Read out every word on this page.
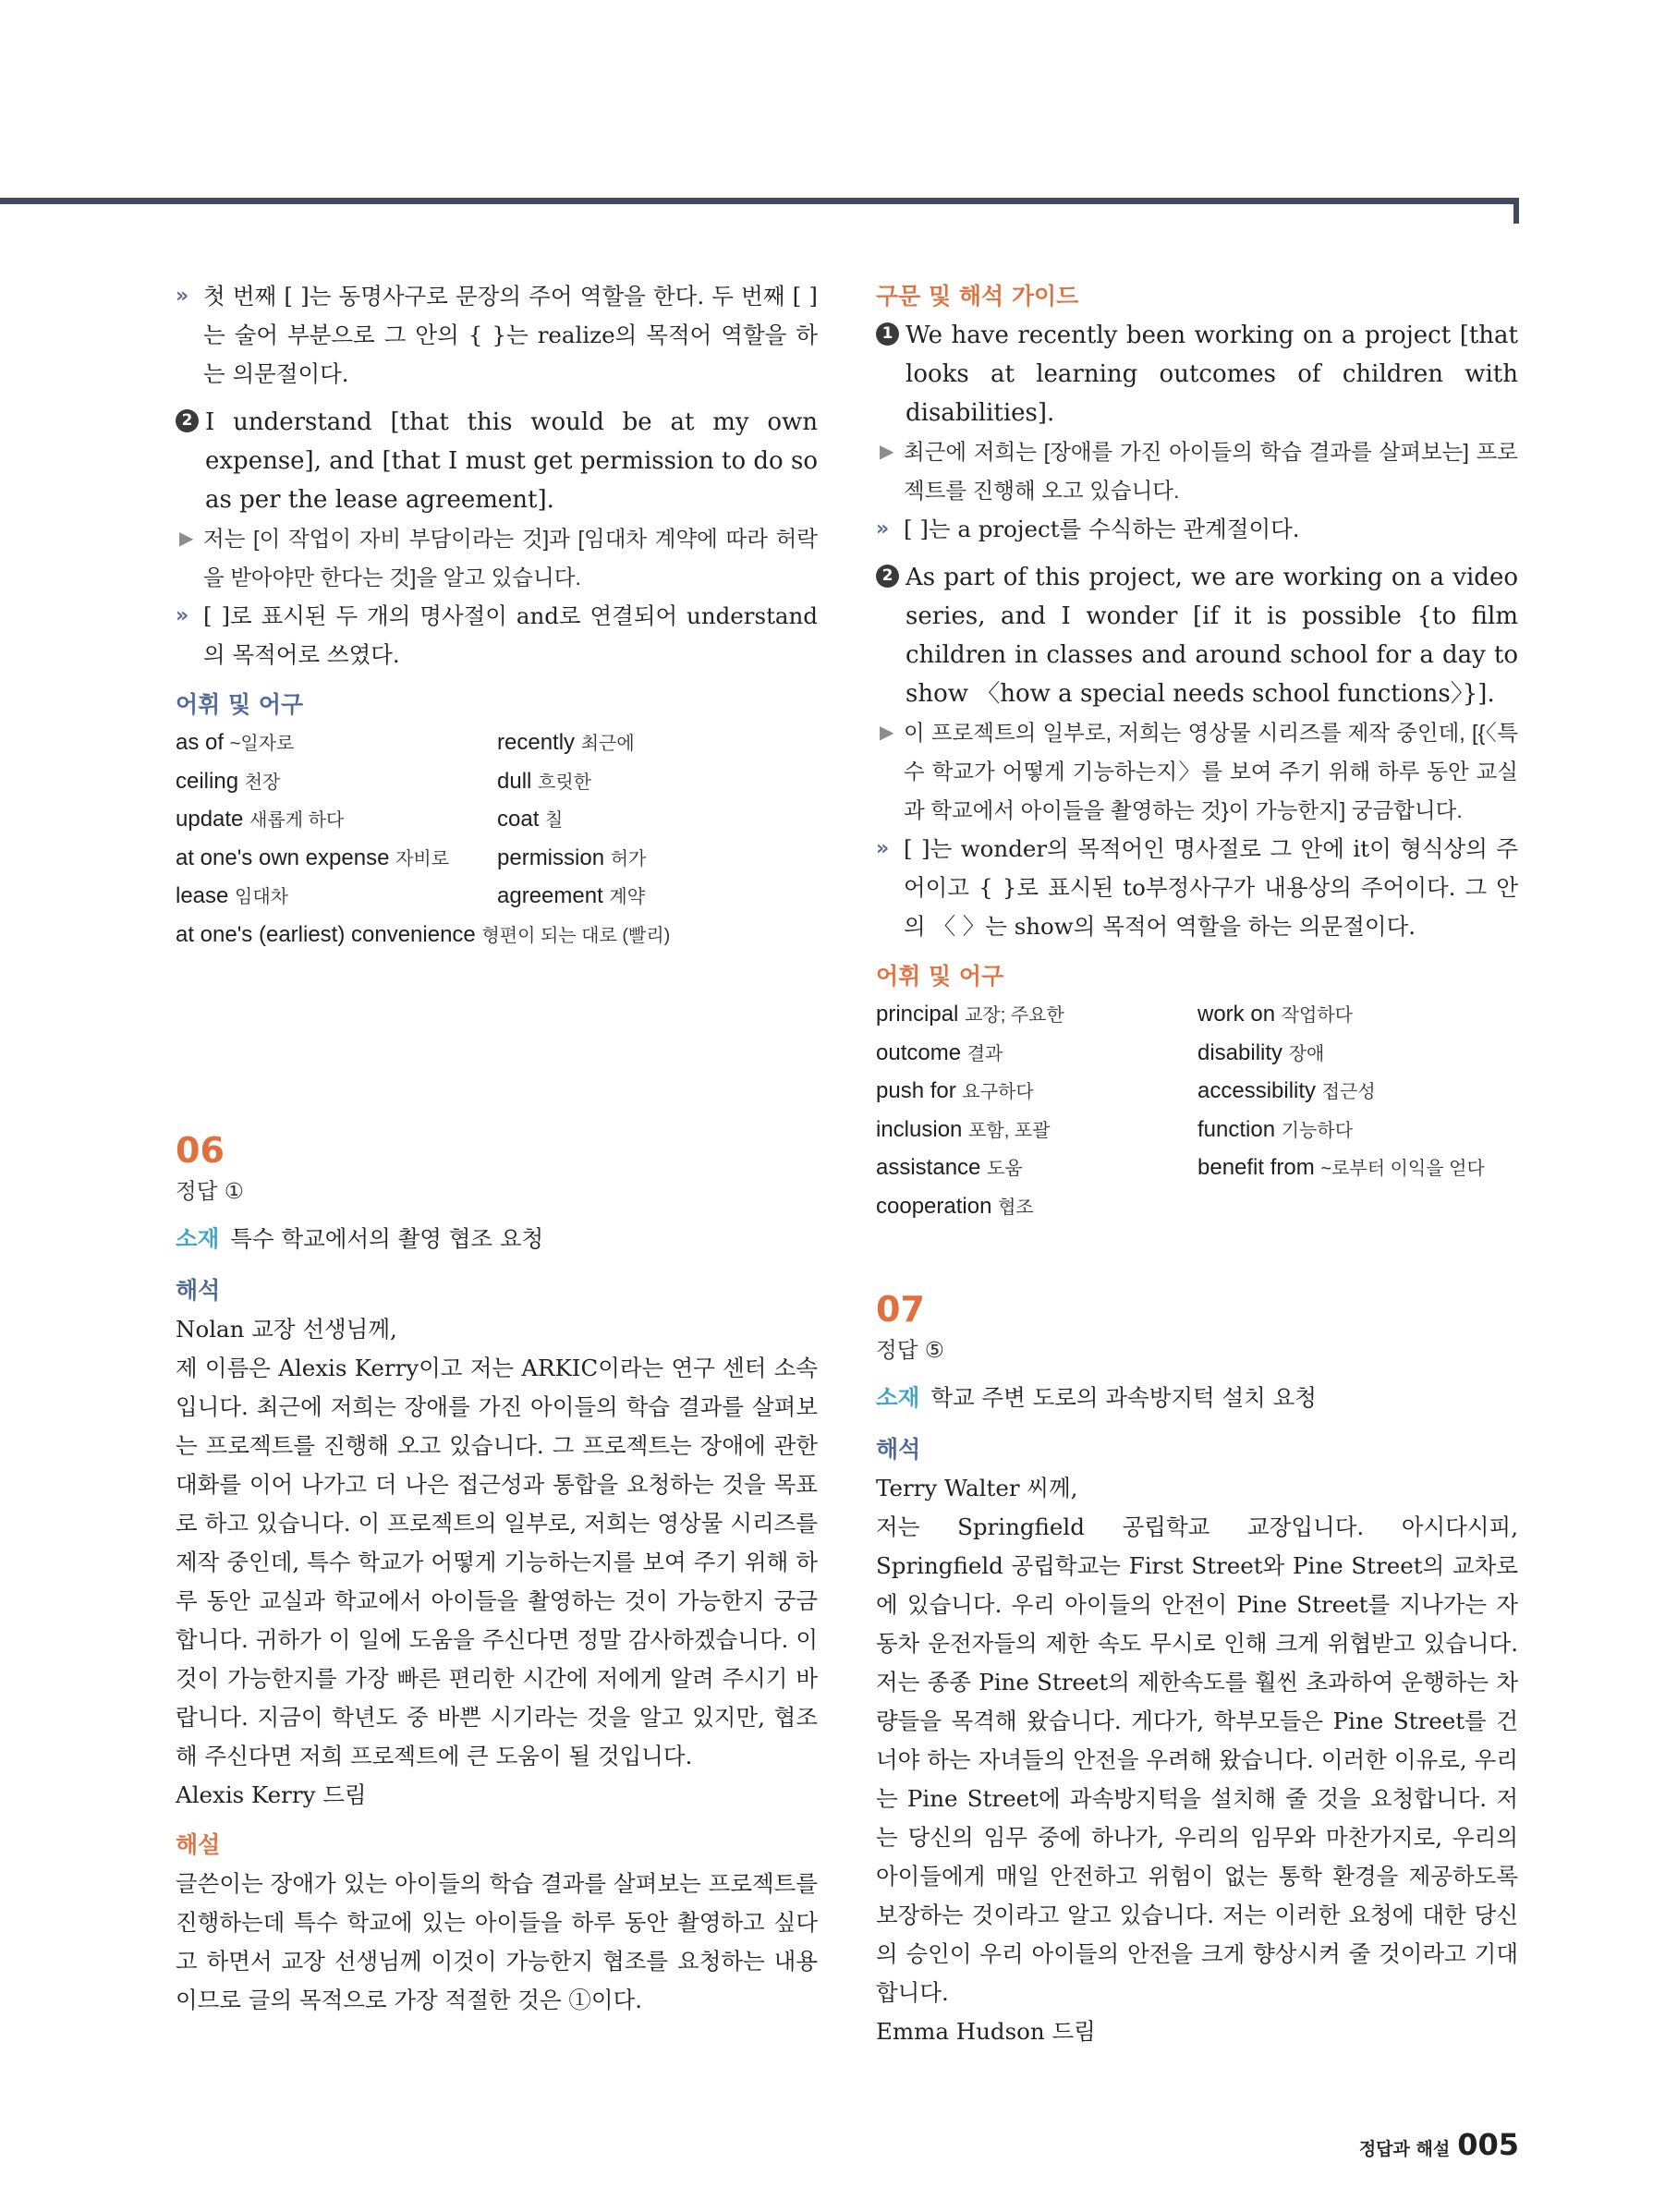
» 첫 번째 [ ]는 동명사구로 문장의 주어 역할을 한다. 두 번째 [ ]는 술어 부분으로 그 안의 { }는 realize의 목적어 역할을 하는 의문절이다.

2 I understand [that this would be at my own expense], and [that I must get permission to do so as per the lease agreement].

▶ 저는 [이 작업이 자비 부담이라는 것]과 [임대차 계약에 따라 허락을 받아야만 한다는 것]을 알고 있습니다.

» [ ]로 표시된 두 개의 명사절이 and로 연결되어 understand의 목적어로 쓰였다.

어휘 및 어구

as of ~일자로	recently 최근에
ceiling 천장	dull 흐릿한
update 새롭게 하다	coat 칠
at one's own expense 자비로	permission 허가
lease 임대차	agreement 계약
at one's (earliest) convenience 형편이 되는 대로 (빨리)

06

정답 ①

소재 특수 학교에서의 촬영 협조 요청

해석

Nolan 교장 선생님께,

제 이름은 Alexis Kerry이고 저는 ARKIC이라는 연구 센터 소속입니다. 최근에 저희는 장애를 가진 아이들의 학습 결과를 살펴보는 프로젝트를 진행해 오고 있습니다. 그 프로젝트는 장애에 관한 대화를 이어 나가고 더 나은 접근성과 통합을 요청하는 것을 목표로 하고 있습니다. 이 프로젝트의 일부로, 저희는 영상물 시리즈를 제작 중인데, 특수 학교가 어떻게 기능하는지를 보여 주기 위해 하루 동안 교실과 학교에서 아이들을 촬영하는 것이 가능한지 궁금합니다. 귀하가 이 일에 도움을 주신다면 정말 감사하겠습니다. 이것이 가능한지를 가장 빠른 편리한 시간에 저에게 알려 주시기 바랍니다. 지금이 학년도 중 바쁜 시기라는 것을 알고 있지만, 협조해 주신다면 저희 프로젝트에 큰 도움이 될 것입니다.

Alexis Kerry 드림

해설

글쓴이는 장애가 있는 아이들의 학습 결과를 살펴보는 프로젝트를 진행하는데 특수 학교에 있는 아이들을 하루 동안 촬영하고 싶다고 하면서 교장 선생님께 이것이 가능한지 협조를 요청하는 내용이므로 글의 목적으로 가장 적절한 것은 ①이다.

구문 및 해석 가이드

1 We have recently been working on a project [that looks at learning outcomes of children with disabilities].

▶ 최근에 저희는 [장애를 가진 아이들의 학습 결과를 살펴보는] 프로젝트를 진행해 오고 있습니다.

» [ ]는 a project를 수식하는 관계절이다.

2 As part of this project, we are working on a video series, and I wonder [if it is possible {to film children in classes and around school for a day to show 〈how a special needs school functions〉}].

▶ 이 프로젝트의 일부로, 저희는 영상물 시리즈를 제작 중인데, [{〈특수 학교가 어떻게 기능하는지〉를 보여 주기 위해 하루 동안 교실과 학교에서 아이들을 촬영하는 것}이 가능한지] 궁금합니다.

» [ ]는 wonder의 목적어인 명사절로 그 안에 it이 형식상의 주어이고 { }로 표시된 to부정사구가 내용상의 주어이다. 그 안의 〈 〉는 show의 목적어 역할을 하는 의문절이다.

어휘 및 어구

principal 교장; 주요한	work on 작업하다
outcome 결과	disability 장애
push for 요구하다	accessibility 접근성
inclusion 포함, 포괄	function 기능하다
assistance 도움	benefit from ~로부터 이익을 얻다
cooperation 협조

07

정답 ⑤

소재 학교 주변 도로의 과속방지턱 설치 요청

해석

Terry Walter 씨께,

저는 Springfield 공립학교 교장입니다. 아시다시피, Springfield 공립학교는 First Street와 Pine Street의 교차로에 있습니다. 우리 아이들의 안전이 Pine Street를 지나가는 자동차 운전자들의 제한 속도 무시로 인해 크게 위협받고 있습니다. 저는 종종 Pine Street의 제한속도를 훨씬 초과하여 운행하는 차량들을 목격해 왔습니다. 게다가, 학부모들은 Pine Street를 건너야 하는 자녀들의 안전을 우려해 왔습니다. 이러한 이유로, 우리는 Pine Street에 과속방지턱을 설치해 줄 것을 요청합니다. 저는 당신의 임무 중에 하나가, 우리의 임무와 마찬가지로, 우리의 아이들에게 매일 안전하고 위험이 없는 통학 환경을 제공하도록 보장하는 것이라고 알고 있습니다. 저는 이러한 요청에 대한 당신의 승인이 우리 아이들의 안전을 크게 향상시켜 줄 것이라고 기대합니다.

Emma Hudson 드림

정답과 해설 005
